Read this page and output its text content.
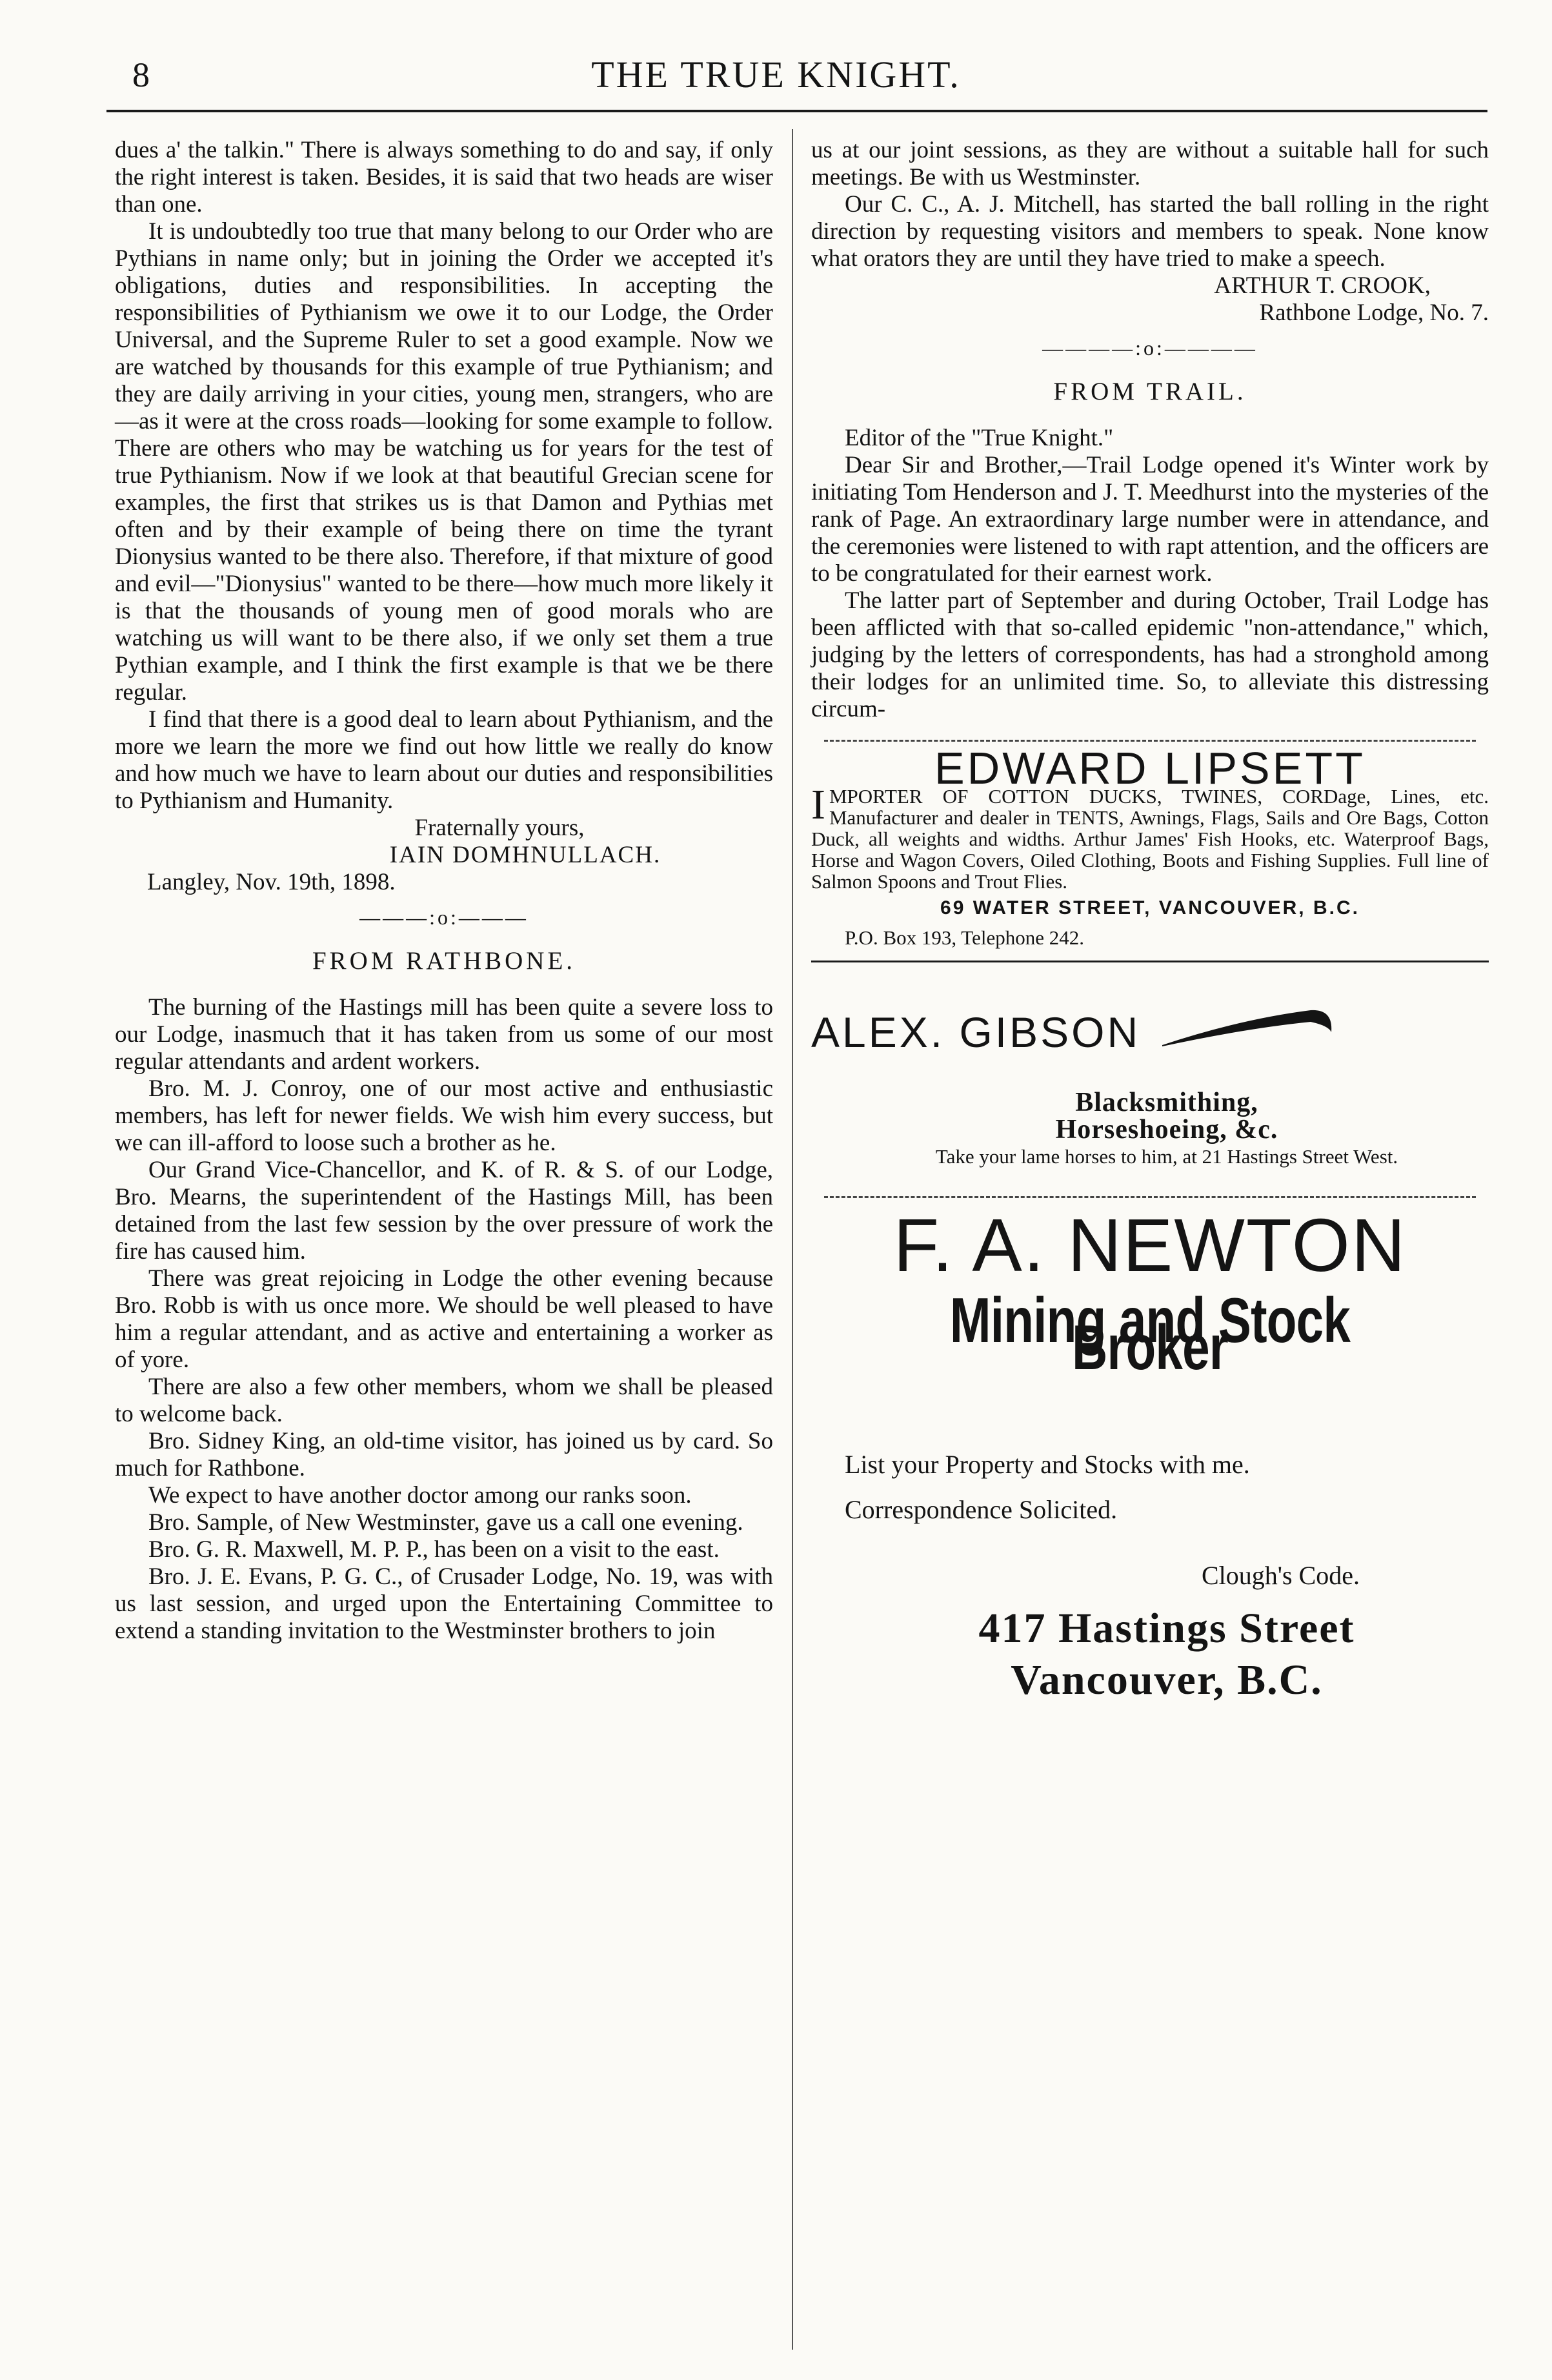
8	THE TRUE KNIGHT.

dues a' the talkin." There is always something to do and say, if only the right interest is taken. Besides, it is said that two heads are wiser than one.

It is undoubtedly too true that many belong to our Order who are Pythians in name only; but in joining the Order we accepted it's obligations, duties and responsibilities. In accepting the responsibilities of Pythianism we owe it to our Lodge, the Order Universal, and the Supreme Ruler to set a good example. Now we are watched by thousands for this example of true Pythianism; and they are daily arriving in your cities, young men, strangers, who are—as it were at the cross roads—looking for some example to follow. There are others who may be watching us for years for the test of true Pythianism. Now if we look at that beautiful Grecian scene for examples, the first that strikes us is that Damon and Pythias met often and by their example of being there on time the tyrant Dionysius wanted to be there also. Therefore, if that mixture of good and evil—"Dionysius" wanted to be there—how much more likely it is that the thousands of young men of good morals who are watching us will want to be there also, if we only set them a true Pythian example, and I think the first example is that we be there regular.

I find that there is a good deal to learn about Pythianism, and the more we learn the more we find out how little we really do know and how much we have to learn about our duties and responsibilities to Pythianism and Humanity.

Fraternally yours,

IAIN DOMHNULLACH.

Langley, Nov. 19th, 1898.

———:o:———
FROM RATHBONE.

The burning of the Hastings mill has been quite a severe loss to our Lodge, inasmuch that it has taken from us some of our most regular attendants and ardent workers.

Bro. M. J. Conroy, one of our most active and enthusiastic members, has left for newer fields. We wish him every success, but we can ill-afford to loose such a brother as he.

Our Grand Vice-Chancellor, and K. of R. & S. of our Lodge, Bro. Mearns, the superintendent of the Hastings Mill, has been detained from the last few session by the over pressure of work the fire has caused him.

There was great rejoicing in Lodge the other evening because Bro. Robb is with us once more. We should be well pleased to have him a regular attendant, and as active and entertaining a worker as of yore.

There are also a few other members, whom we shall be pleased to welcome back.

Bro. Sidney King, an old-time visitor, has joined us by card. So much for Rathbone.

We expect to have another doctor among our ranks soon.

Bro. Sample, of New Westminster, gave us a call one evening.

Bro. G. R. Maxwell, M. P. P., has been on a visit to the east.

Bro. J. E. Evans, P. G. C., of Crusader Lodge, No. 19, was with us last session, and urged upon the Entertaining Committee to extend a standing invitation to the Westminster brothers to join

us at our joint sessions, as they are without a suitable hall for such meetings. Be with us Westminster.

Our C. C., A. J. Mitchell, has started the ball rolling in the right direction by requesting visitors and members to speak. None know what orators they are until they have tried to make a speech.

ARTHUR T. CROOK,

Rathbone Lodge, No. 7.

————:o:————
FROM TRAIL.

Editor of the "True Knight."

Dear Sir and Brother,—Trail Lodge opened it's Winter work by initiating Tom Henderson and J. T. Meedhurst into the mysteries of the rank of Page. An extraordinary large number were in attendance, and the ceremonies were listened to with rapt attention, and the officers are to be congratulated for their earnest work.

The latter part of September and during October, Trail Lodge has been afflicted with that so-called epidemic "non-attendance," which, judging by the letters of correspondents, has had a stronghold among their lodges for an unlimited time. So, to alleviate this distressing circum-

EDWARD LIPSETT
IMPORTER OF COTTON DUCKS, TWINES, CORDage, Lines, etc. Manufacturer and dealer in TENTS, Awnings, Flags, Sails and Ore Bags, Cotton Duck, all weights and widths. Arthur James' Fish Hooks, etc. Waterproof Bags, Horse and Wagon Covers, Oiled Clothing, Boots and Fishing Supplies. Full line of Salmon Spoons and Trout Flies.
69 WATER STREET, VANCOUVER, B.C.

P.O. Box 193, Telephone 242.

ALEX. GIBSON

Blacksmithing,

Horseshoeing, &c.

Take your lame horses to him, at 21 Hastings Street West.

F. A. NEWTON
Mining and Stock Broker

List your Property and Stocks with me.

Correspondence Solicited.

Clough's Code.

417 Hastings Street

Vancouver, B.C.
